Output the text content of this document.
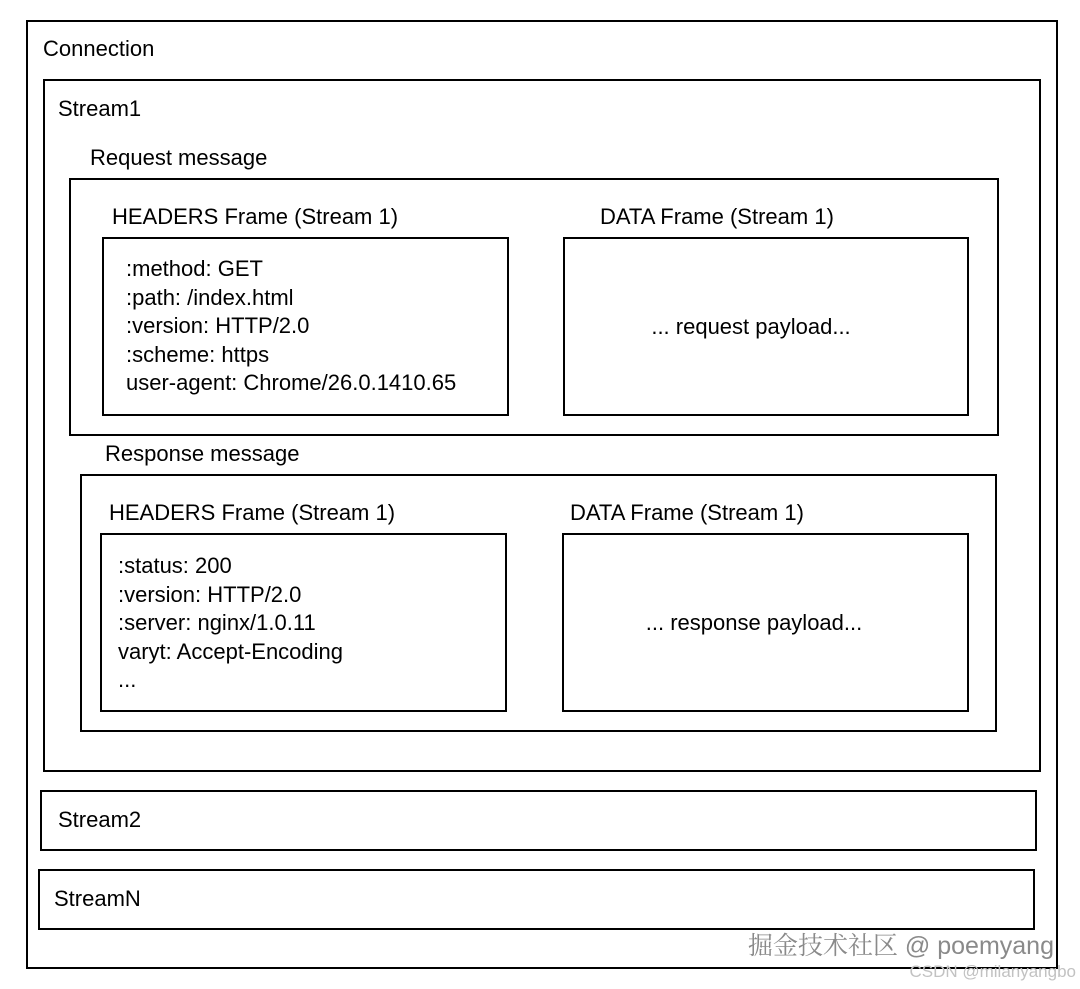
Connection
Stream1
Request message
HEADERS Frame (Stream 1)
:method: GET
:path: /index.html
:version: HTTP/2.0
:scheme: https
user-agent: Chrome/26.0.1410.65
DATA Frame (Stream 1)
... request payload...
Response message
HEADERS Frame (Stream 1)
:status: 200
:version: HTTP/2.0
:server: nginx/1.0.11
varyt: Accept-Encoding
...
DATA Frame (Stream 1)
... response payload...
Stream2
StreamN
掘金技术社区 @ poemyang
CSDN @milanyangbo
